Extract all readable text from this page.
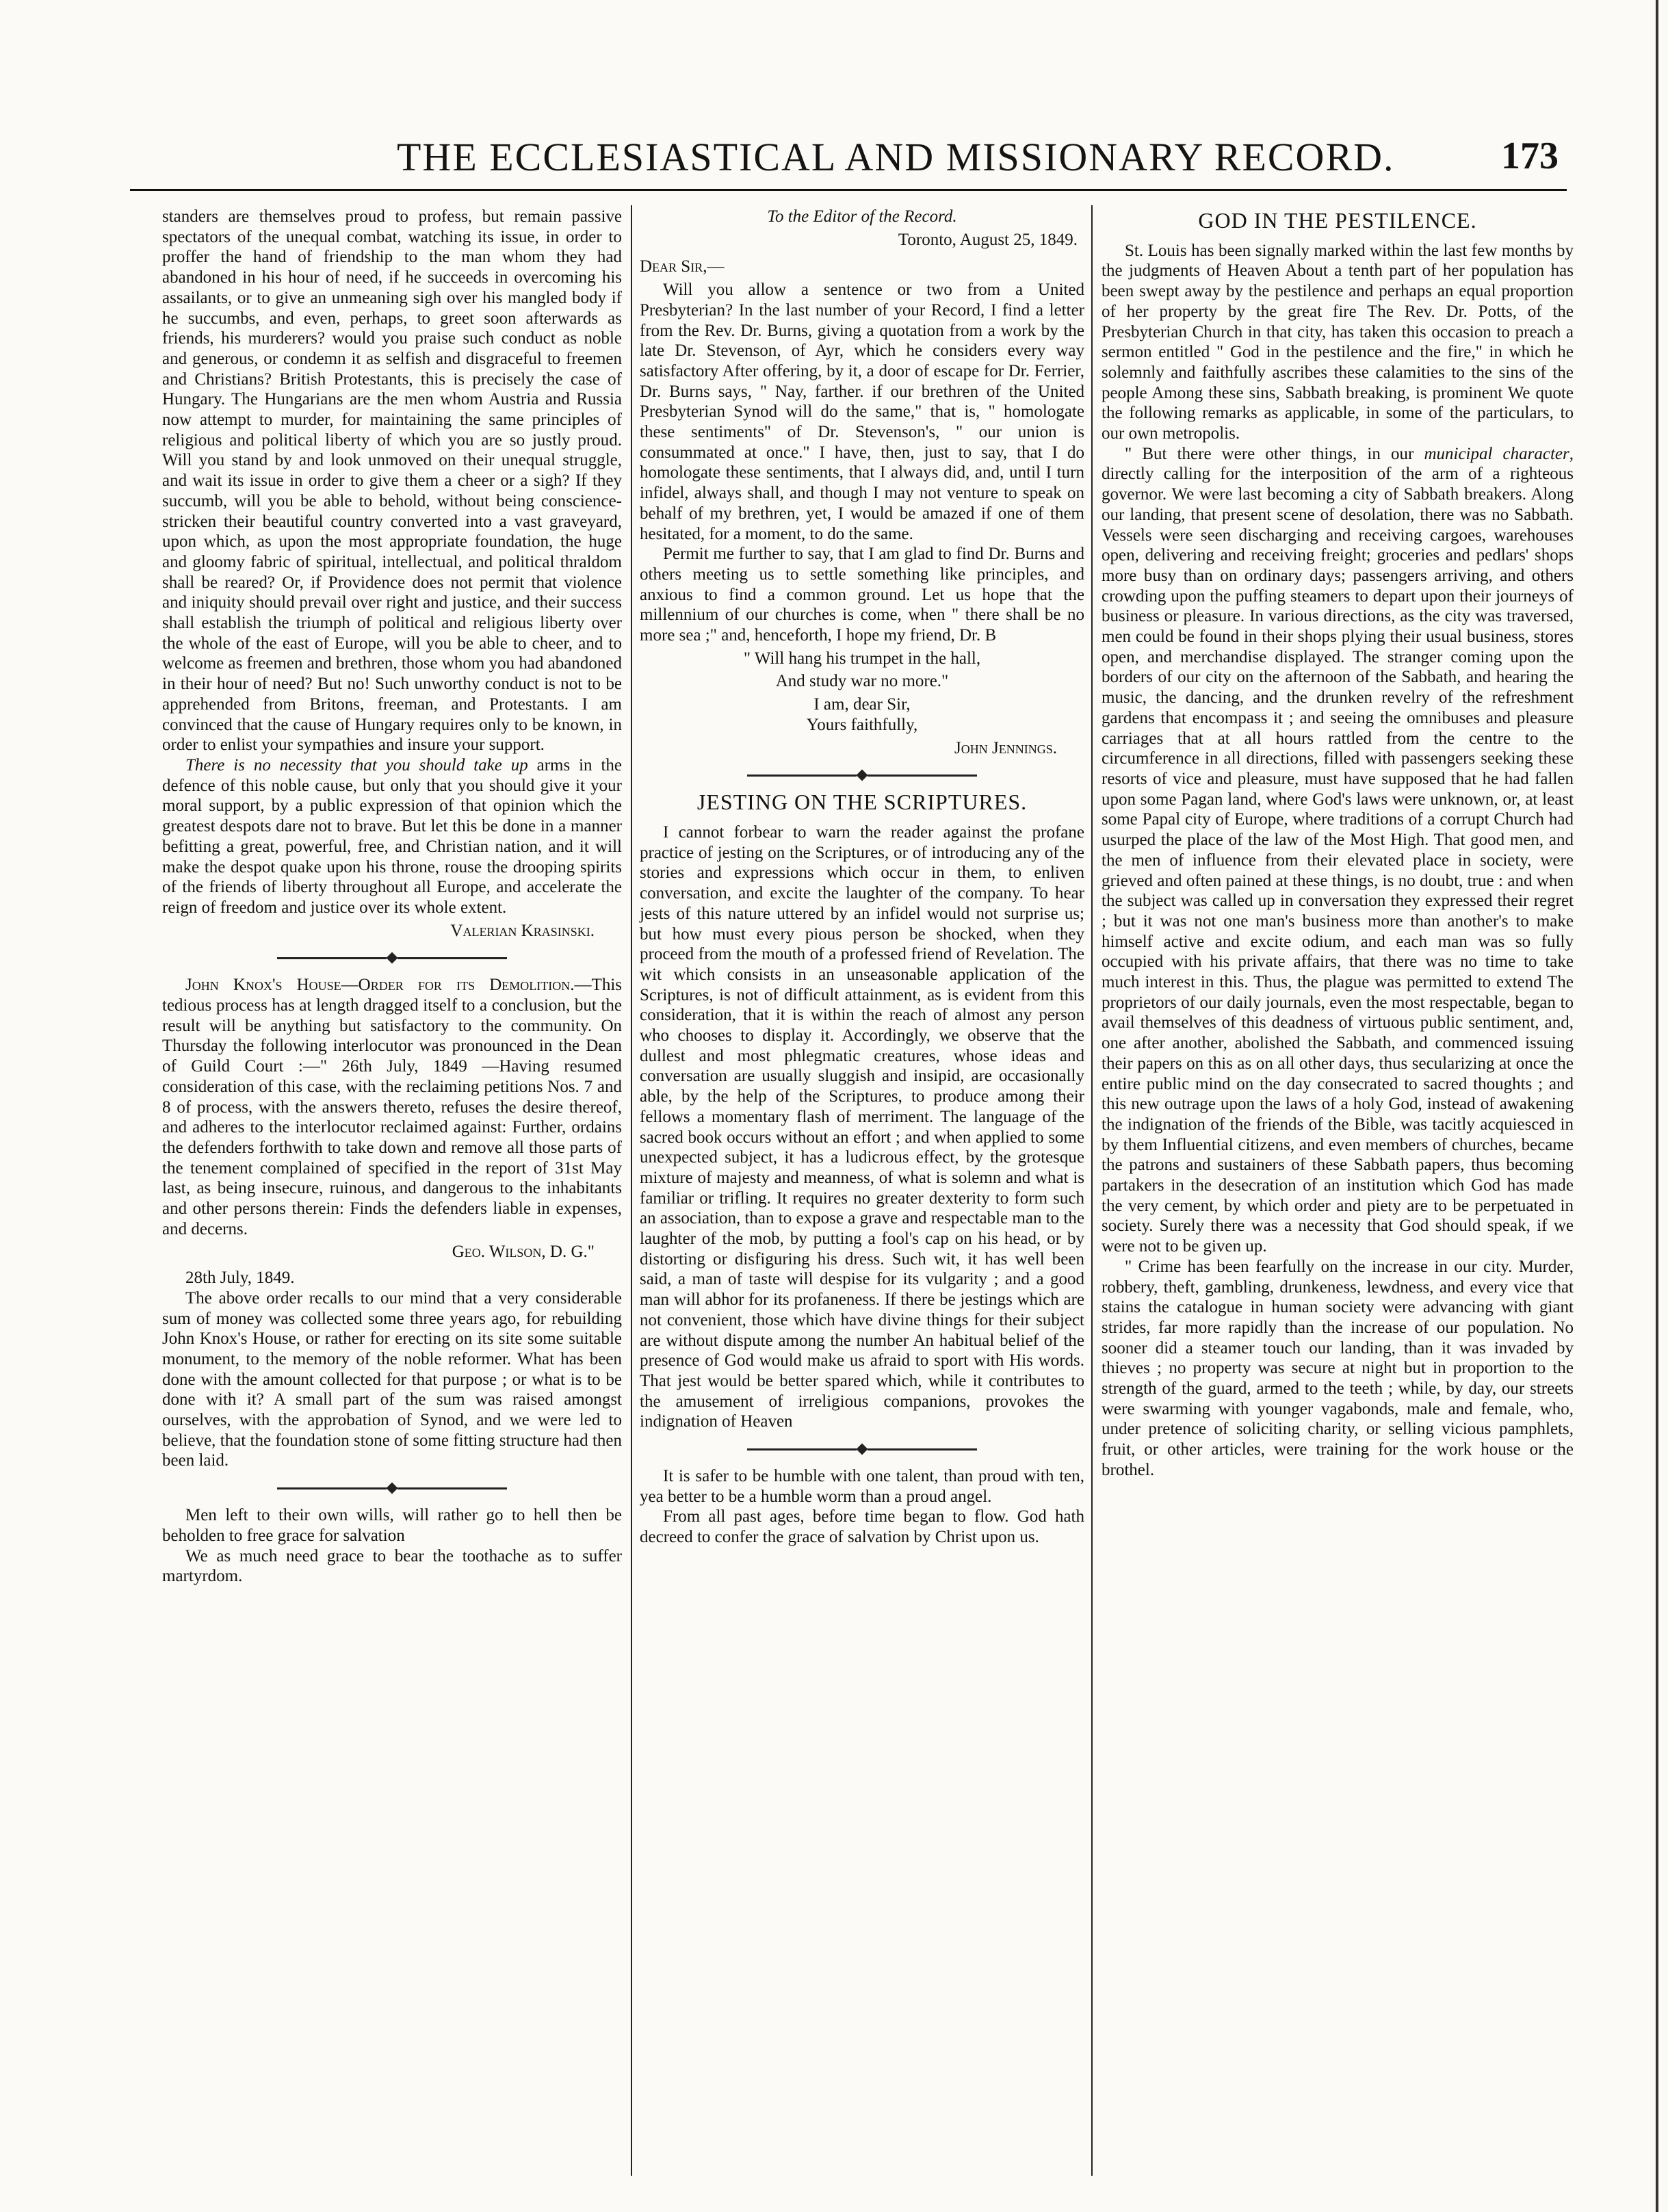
THE ECCLESIASTICAL AND MISSIONARY RECORD.	173

standers are themselves proud to profess, but remain passive spectators of the unequal combat, watching its issue, in order to proffer the hand of friendship to the man whom they had abandoned in his hour of need, if he succeeds in overcoming his assailants, or to give an unmeaning sigh over his mangled body if he succumbs, and even, perhaps, to greet soon afterwards as friends, his murderers? would you praise such conduct as noble and generous, or condemn it as selfish and disgraceful to freemen and Christians? British Protestants, this is precisely the case of Hungary. The Hungarians are the men whom Austria and Russia now attempt to murder, for maintaining the same principles of religious and political liberty of which you are so justly proud. Will you stand by and look unmoved on their unequal struggle, and wait its issue in order to give them a cheer or a sigh? If they succumb, will you be able to behold, without being conscience-stricken their beautiful country converted into a vast graveyard, upon which, as upon the most appropriate foundation, the huge and gloomy fabric of spiritual, intellectual, and political thraldom shall be reared? Or, if Providence does not permit that violence and iniquity should prevail over right and justice, and their success shall establish the triumph of political and religious liberty over the whole of the east of Europe, will you be able to cheer, and to welcome as freemen and brethren, those whom you had abandoned in their hour of need? But no! Such unworthy conduct is not to be apprehended from Britons, freeman, and Protestants. I am convinced that the cause of Hungary requires only to be known, in order to enlist your sympathies and insure your support.

There is no necessity that you should take up arms in the defence of this noble cause, but only that you should give it your moral support, by a public expression of that opinion which the greatest despots dare not to brave. But let this be done in a manner befitting a great, powerful, free, and Christian nation, and it will make the despot quake upon his throne, rouse the drooping spirits of the friends of liberty throughout all Europe, and accelerate the reign of freedom and justice over its whole extent.

Valerian Krasinski.

John Knox's House—Order for its Demolition.—This tedious process has at length dragged itself to a conclusion, but the result will be anything but satisfactory to the community. On Thursday the following interlocutor was pronounced in the Dean of Guild Court :—" 26th July, 1849 —Having resumed consideration of this case, with the reclaiming petitions Nos. 7 and 8 of process, with the answers thereto, refuses the desire thereof, and adheres to the interlocutor reclaimed against: Further, ordains the defenders forthwith to take down and remove all those parts of the tenement complained of specified in the report of 31st May last, as being insecure, ruinous, and dangerous to the inhabitants and other persons therein: Finds the defenders liable in expenses, and decerns.

Geo. Wilson, D. G."

28th July, 1849.

The above order recalls to our mind that a very considerable sum of money was collected some three years ago, for rebuilding John Knox's House, or rather for erecting on its site some suitable monument, to the memory of the noble reformer. What has been done with the amount collected for that purpose ; or what is to be done with it? A small part of the sum was raised amongst ourselves, with the approbation of Synod, and we were led to believe, that the foundation stone of some fitting structure had then been laid.

Men left to their own wills, will rather go to hell then be beholden to free grace for salvation

We as much need grace to bear the toothache as to suffer martyrdom.

To the Editor of the Record.
Toronto, August 25, 1849.
Dear Sir,—

Will you allow a sentence or two from a United Presbyterian? In the last number of your Record, I find a letter from the Rev. Dr. Burns, giving a quotation from a work by the late Dr. Stevenson, of Ayr, which he considers every way satisfactory After offering, by it, a door of escape for Dr. Ferrier, Dr. Burns says, " Nay, farther. if our brethren of the United Presbyterian Synod will do the same," that is, " homologate these sentiments" of Dr. Stevenson's, " our union is consummated at once." I have, then, just to say, that I do homologate these sentiments, that I always did, and, until I turn infidel, always shall, and though I may not venture to speak on behalf of my brethren, yet, I would be amazed if one of them hesitated, for a moment, to do the same.

Permit me further to say, that I am glad to find Dr. Burns and others meeting us to settle something like principles, and anxious to find a common ground. Let us hope that the millennium of our churches is come, when " there shall be no more sea ;" and, henceforth, I hope my friend, Dr. B

" Will hang his trumpet in the hall,
And study war no more."
I am, dear Sir,
Yours faithfully,
John Jennings.
JESTING ON THE SCRIPTURES.

I cannot forbear to warn the reader against the profane practice of jesting on the Scriptures, or of introducing any of the stories and expressions which occur in them, to enliven conversation, and excite the laughter of the company. To hear jests of this nature uttered by an infidel would not surprise us; but how must every pious person be shocked, when they proceed from the mouth of a professed friend of Revelation. The wit which consists in an unseasonable application of the Scriptures, is not of difficult attainment, as is evident from this consideration, that it is within the reach of almost any person who chooses to display it. Accordingly, we observe that the dullest and most phlegmatic creatures, whose ideas and conversation are usually sluggish and insipid, are occasionally able, by the help of the Scriptures, to produce among their fellows a momentary flash of merriment. The language of the sacred book occurs without an effort ; and when applied to some unexpected subject, it has a ludicrous effect, by the grotesque mixture of majesty and meanness, of what is solemn and what is familiar or trifling. It requires no greater dexterity to form such an association, than to expose a grave and respectable man to the laughter of the mob, by putting a fool's cap on his head, or by distorting or disfiguring his dress. Such wit, it has well been said, a man of taste will despise for its vulgarity ; and a good man will abhor for its profaneness. If there be jestings which are not convenient, those which have divine things for their subject are without dispute among the number An habitual belief of the presence of God would make us afraid to sport with His words. That jest would be better spared which, while it contributes to the amusement of irreligious companions, provokes the indignation of Heaven

It is safer to be humble with one talent, than proud with ten, yea better to be a humble worm than a proud angel.

From all past ages, before time began to flow. God hath decreed to confer the grace of salvation by Christ upon us.

GOD IN THE PESTILENCE.

St. Louis has been signally marked within the last few months by the judgments of Heaven About a tenth part of her population has been swept away by the pestilence and perhaps an equal proportion of her property by the great fire The Rev. Dr. Potts, of the Presbyterian Church in that city, has taken this occasion to preach a sermon entitled " God in the pestilence and the fire," in which he solemnly and faithfully ascribes these calamities to the sins of the people Among these sins, Sabbath breaking, is prominent We quote the following remarks as applicable, in some of the particulars, to our own metropolis.

" But there were other things, in our municipal character, directly calling for the interposition of the arm of a righteous governor. We were last becoming a city of Sabbath breakers. Along our landing, that present scene of desolation, there was no Sabbath. Vessels were seen discharging and receiving cargoes, warehouses open, delivering and receiving freight; groceries and pedlars' shops more busy than on ordinary days; passengers arriving, and others crowding upon the puffing steamers to depart upon their journeys of business or pleasure. In various directions, as the city was traversed, men could be found in their shops plying their usual business, stores open, and merchandise displayed. The stranger coming upon the borders of our city on the afternoon of the Sabbath, and hearing the music, the dancing, and the drunken revelry of the refreshment gardens that encompass it ; and seeing the omnibuses and pleasure carriages that at all hours rattled from the centre to the circumference in all directions, filled with passengers seeking these resorts of vice and pleasure, must have supposed that he had fallen upon some Pagan land, where God's laws were unknown, or, at least some Papal city of Europe, where traditions of a corrupt Church had usurped the place of the law of the Most High. That good men, and the men of influence from their elevated place in society, were grieved and often pained at these things, is no doubt, true : and when the subject was called up in conversation they expressed their regret ; but it was not one man's business more than another's to make himself active and excite odium, and each man was so fully occupied with his private affairs, that there was no time to take much interest in this. Thus, the plague was permitted to extend The proprietors of our daily journals, even the most respectable, began to avail themselves of this deadness of virtuous public sentiment, and, one after another, abolished the Sabbath, and commenced issuing their papers on this as on all other days, thus secularizing at once the entire public mind on the day consecrated to sacred thoughts ; and this new outrage upon the laws of a holy God, instead of awakening the indignation of the friends of the Bible, was tacitly acquiesced in by them Influential citizens, and even members of churches, became the patrons and sustainers of these Sabbath papers, thus becoming partakers in the desecration of an institution which God has made the very cement, by which order and piety are to be perpetuated in society. Surely there was a necessity that God should speak, if we were not to be given up.

" Crime has been fearfully on the increase in our city. Murder, robbery, theft, gambling, drunkeness, lewdness, and every vice that stains the catalogue in human society were advancing with giant strides, far more rapidly than the increase of our population. No sooner did a steamer touch our landing, than it was invaded by thieves ; no property was secure at night but in proportion to the strength of the guard, armed to the teeth ; while, by day, our streets were swarming with younger vagabonds, male and female, who, under pretence of soliciting charity, or selling vicious pamphlets, fruit, or other articles, were training for the work house or the brothel.
